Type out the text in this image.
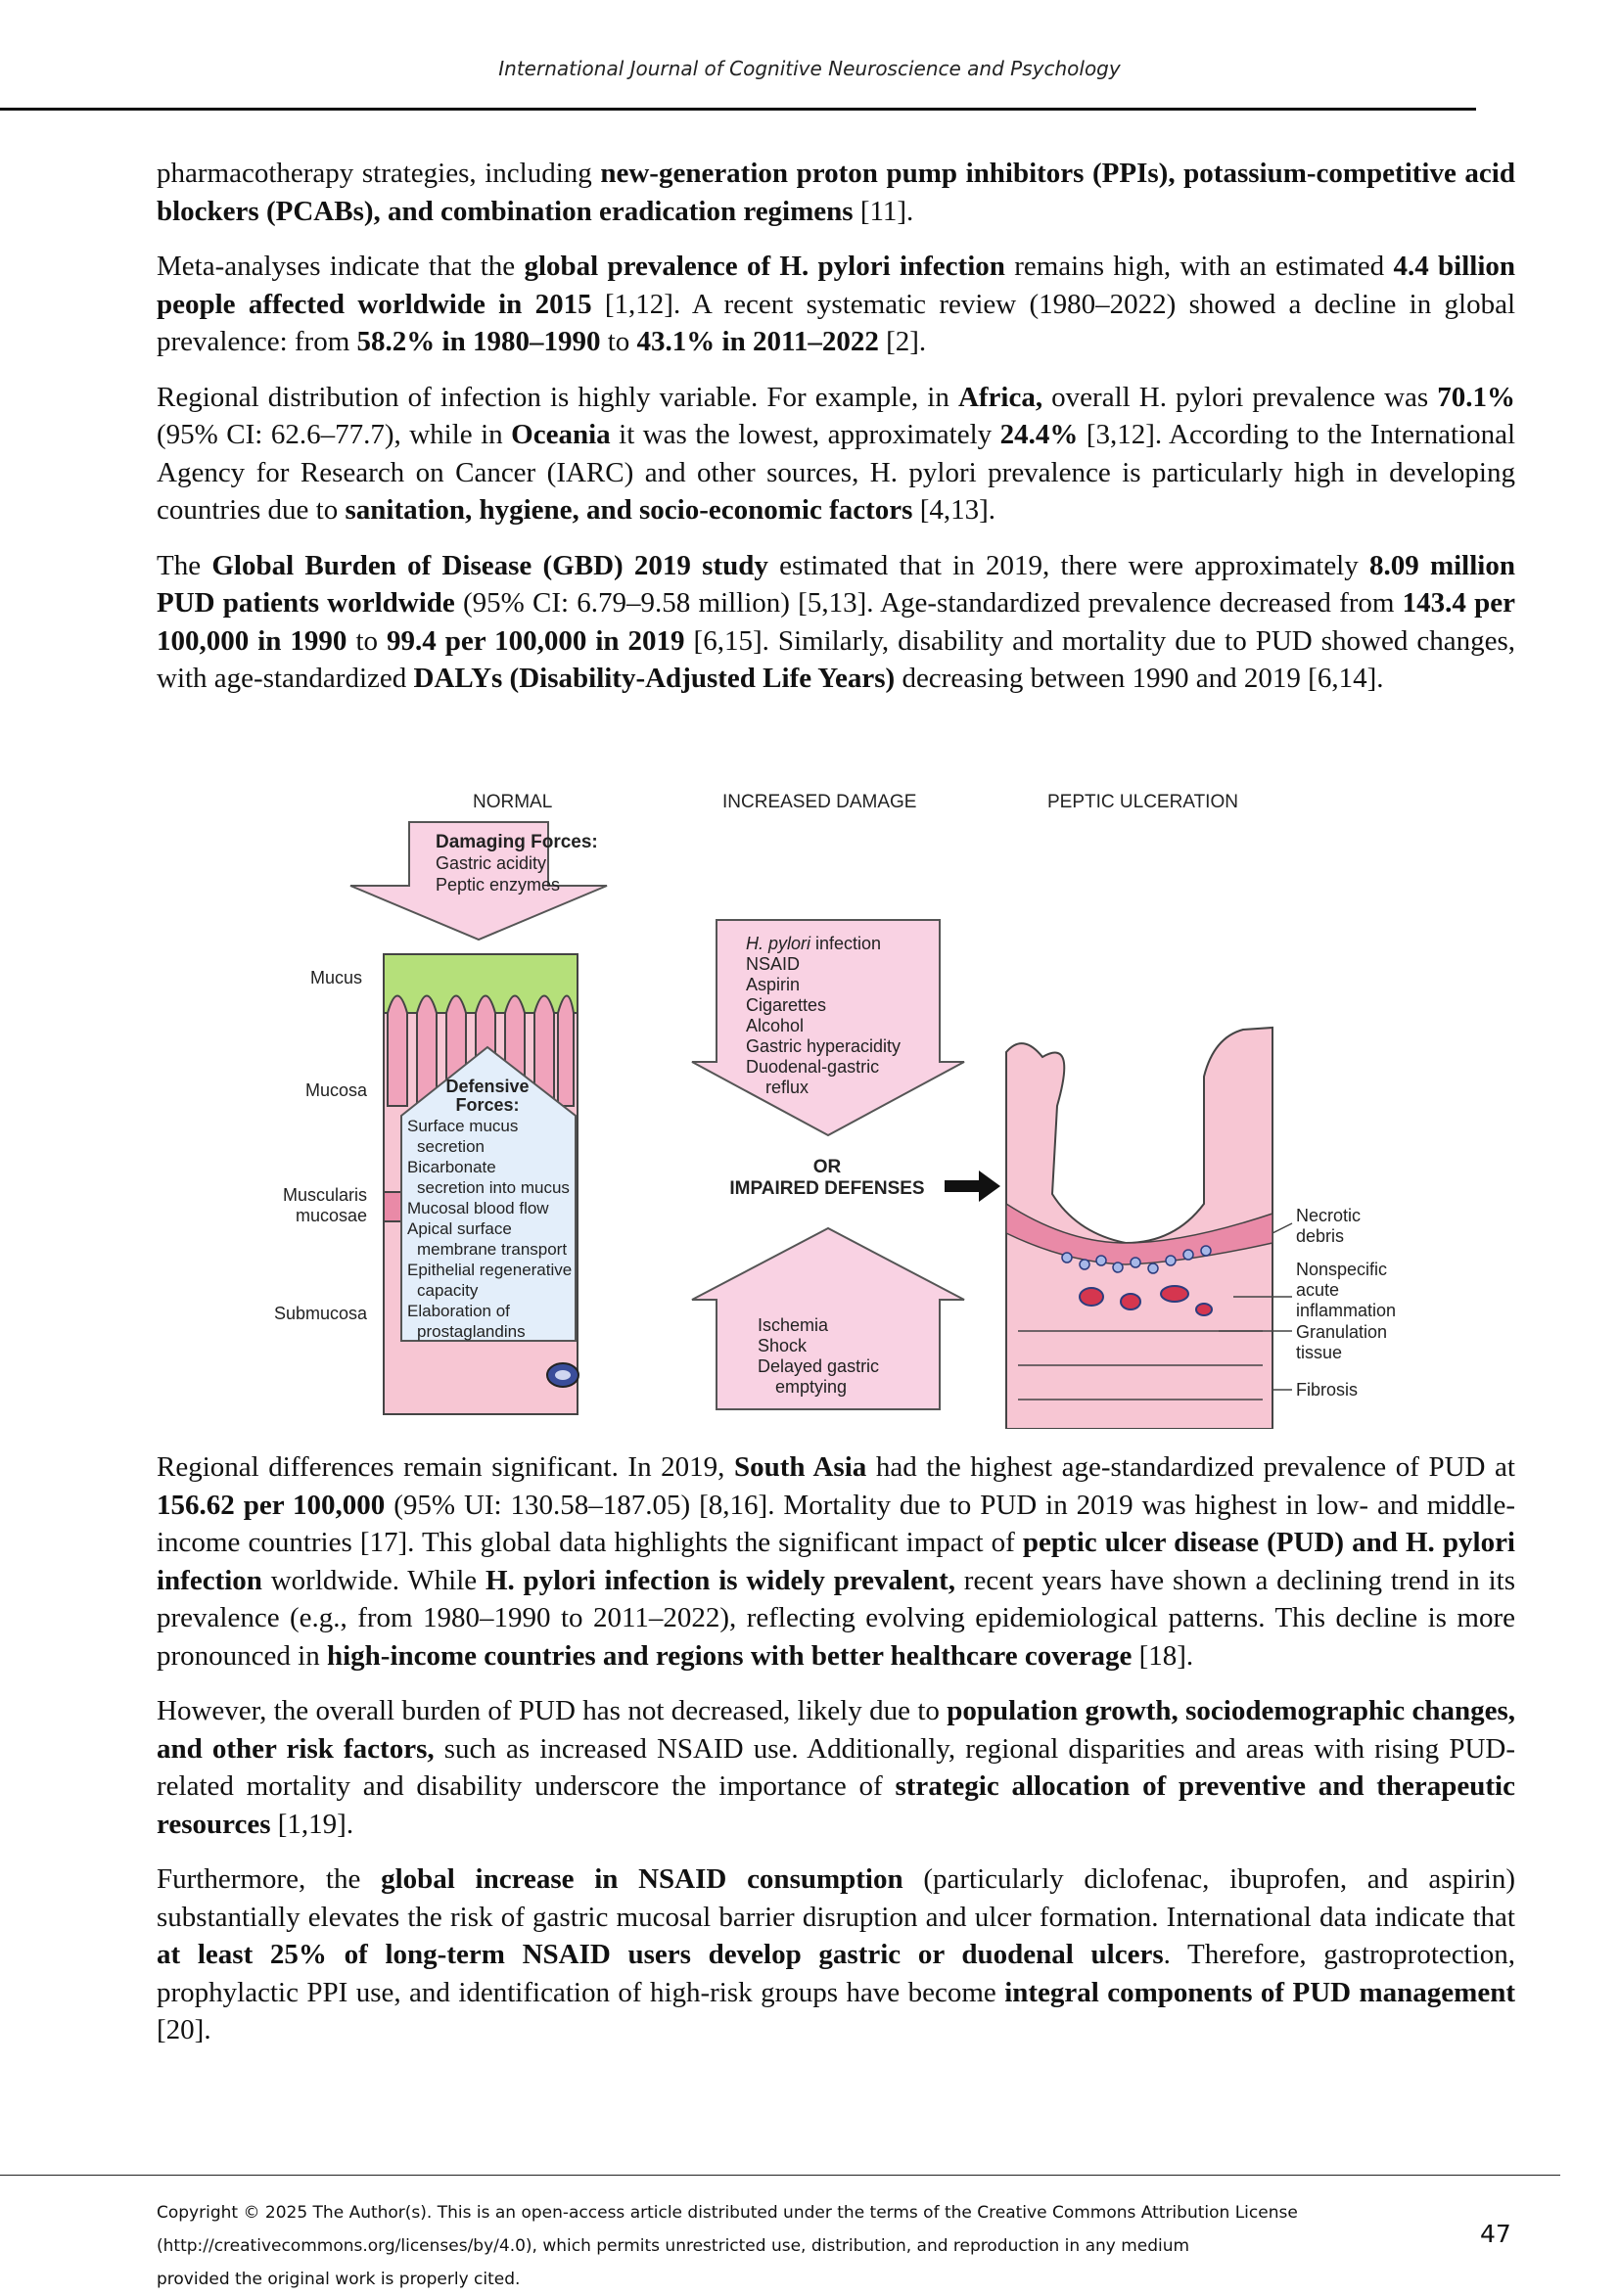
International Journal of Cognitive Neuroscience and Psychology

pharmacotherapy strategies, including new-generation proton pump inhibitors (PPIs), potassium-competitive acid blockers (PCABs), and combination eradication regimens [11].

Meta-analyses indicate that the global prevalence of H. pylori infection remains high, with an estimated 4.4 billion people affected worldwide in 2015 [1,12]. A recent systematic review (1980–2022) showed a decline in global prevalence: from 58.2% in 1980–1990 to 43.1% in 2011–2022 [2].

Regional distribution of infection is highly variable. For example, in Africa, overall H. pylori prevalence was 70.1% (95% CI: 62.6–77.7), while in Oceania it was the lowest, approximately 24.4% [3,12]. According to the International Agency for Research on Cancer (IARC) and other sources, H. pylori prevalence is particularly high in developing countries due to sanitation, hygiene, and socio-economic factors [4,13].

The Global Burden of Disease (GBD) 2019 study estimated that in 2019, there were approximately 8.09 million PUD patients worldwide (95% CI: 6.79–9.58 million) [5,13]. Age-standardized prevalence decreased from 143.4 per 100,000 in 1990 to 99.4 per 100,000 in 2019 [6,15]. Similarly, disability and mortality due to PUD showed changes, with age-standardized DALYs (Disability-Adjusted Life Years) decreasing between 1990 and 2019 [6,14].

NORMAL	INCREASED DAMAGE	PEPTIC ULCERATION
Damaging Forces:
Gastric acidity
Peptic enzymes
Mucus
Mucosa
Muscularis
mucosae
Submucosa
Defensive
Forces:
Surface mucus
secretion
Bicarbonate
secretion into mucus
Mucosal blood flow
Apical surface
membrane transport
Epithelial regenerative
capacity
Elaboration of
prostaglandins
H. pylori infection
NSAID
Aspirin
Cigarettes
Alcohol
Gastric hyperacidity
Duodenal-gastric
reflux
OR
IMPAIRED DEFENSES
Ischemia
Shock
Delayed gastric
emptying
Necrotic
debris
Nonspecific
acute
inflammation
Granulation
tissue
Fibrosis

Regional differences remain significant. In 2019, South Asia had the highest age-standardized prevalence of PUD at 156.62 per 100,000 (95% UI: 130.58–187.05) [8,16]. Mortality due to PUD in 2019 was highest in low- and middle-income countries [17]. This global data highlights the significant impact of peptic ulcer disease (PUD) and H. pylori infection worldwide. While H. pylori infection is widely prevalent, recent years have shown a declining trend in its prevalence (e.g., from 1980–1990 to 2011–2022), reflecting evolving epidemiological patterns. This decline is more pronounced in high-income countries and regions with better healthcare coverage [18].

However, the overall burden of PUD has not decreased, likely due to population growth, sociodemographic changes, and other risk factors, such as increased NSAID use. Additionally, regional disparities and areas with rising PUD-related mortality and disability underscore the importance of strategic allocation of preventive and therapeutic resources [1,19].

Furthermore, the global increase in NSAID consumption (particularly diclofenac, ibuprofen, and aspirin) substantially elevates the risk of gastric mucosal barrier disruption and ulcer formation. International data indicate that at least 25% of long-term NSAID users develop gastric or duodenal ulcers. Therefore, gastroprotection, prophylactic PPI use, and identification of high-risk groups have become integral components of PUD management [20].

Copyright © 2025 The Author(s). This is an open-access article distributed under the terms of the Creative Commons Attribution License
(http://creativecommons.org/licenses/by/4.0), which permits unrestricted use, distribution, and reproduction in any medium
provided the original work is properly cited.
47
